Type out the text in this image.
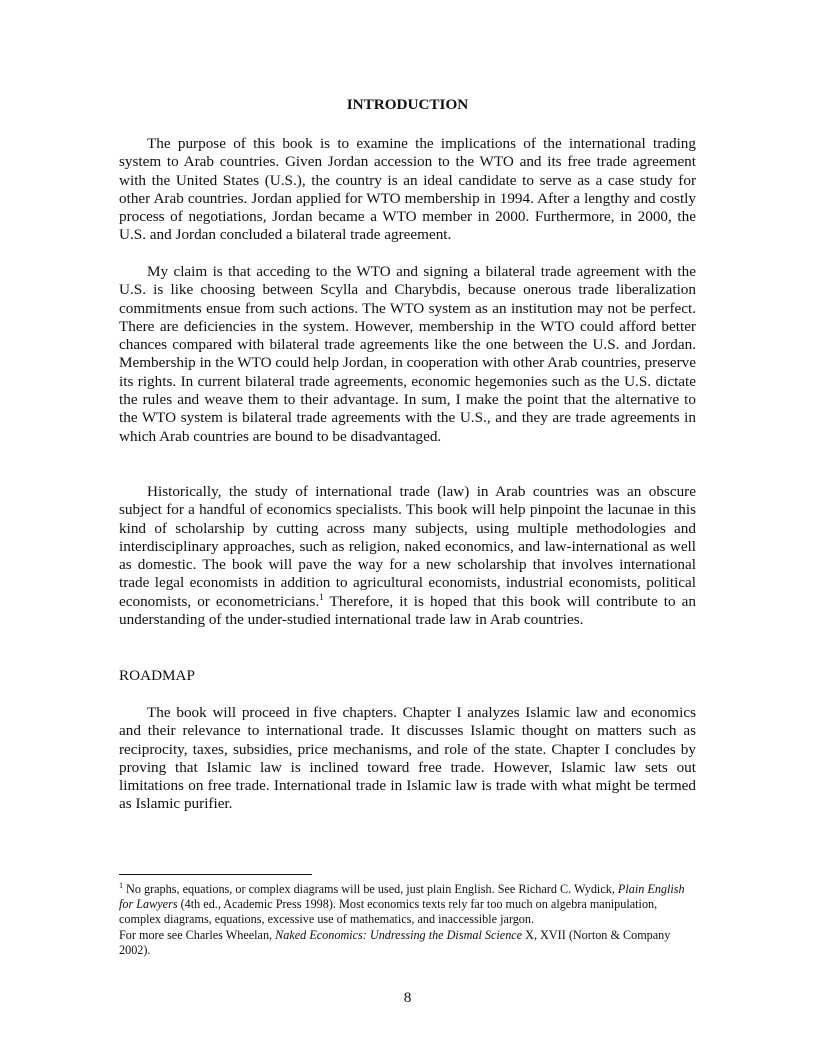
INTRODUCTION

The purpose of this book is to examine the implications of the international trading system to Arab countries. Given Jordan accession to the WTO and its free trade agreement with the United States (U.S.), the country is an ideal candidate to serve as a case study for other Arab countries. Jordan applied for WTO membership in 1994. After a lengthy and costly process of negotiations, Jordan became a WTO member in 2000. Furthermore, in 2000, the U.S. and Jordan concluded a bilateral trade agreement.

My claim is that acceding to the WTO and signing a bilateral trade agreement with the U.S. is like choosing between Scylla and Charybdis, because onerous trade liberalization commitments ensue from such actions. The WTO system as an institution may not be perfect. There are deficiencies in the system. However, membership in the WTO could afford better chances compared with bilateral trade agreements like the one between the U.S. and Jordan. Membership in the WTO could help Jordan, in cooperation with other Arab countries, preserve its rights. In current bilateral trade agreements, economic hegemonies such as the U.S. dictate the rules and weave them to their advantage. In sum, I make the point that the alternative to the WTO system is bilateral trade agreements with the U.S., and they are trade agreements in which Arab countries are bound to be disadvantaged.

Historically, the study of international trade (law) in Arab countries was an obscure subject for a handful of economics specialists. This book will help pinpoint the lacunae in this kind of scholarship by cutting across many subjects, using multiple methodologies and interdisciplinary approaches, such as religion, naked economics, and law-international as well as domestic. The book will pave the way for a new scholarship that involves international trade legal economists in addition to agricultural economists, industrial economists, political economists, or econometricians.$^1$ Therefore, it is hoped that this book will contribute to an understanding of the under-studied international trade law in Arab countries.

ROADMAP

The book will proceed in five chapters. Chapter I analyzes Islamic law and economics and their relevance to international trade. It discusses Islamic thought on matters such as reciprocity, taxes, subsidies, price mechanisms, and role of the state. Chapter I concludes by proving that Islamic law is inclined toward free trade. However, Islamic law sets out limitations on free trade. International trade in Islamic law is trade with what might be termed as Islamic purifier.

$^1$ No graphs, equations, or complex diagrams will be used, just plain English. See Richard C. Wydick, Plain English for Lawyers (4th ed., Academic Press 1998). Most economics texts rely far too much on algebra manipulation, complex diagrams, equations, excessive use of mathematics, and inaccessible jargon.
For more see Charles Wheelan, Naked Economics: Undressing the Dismal Science X, XVII (Norton & Company 2002).

8
